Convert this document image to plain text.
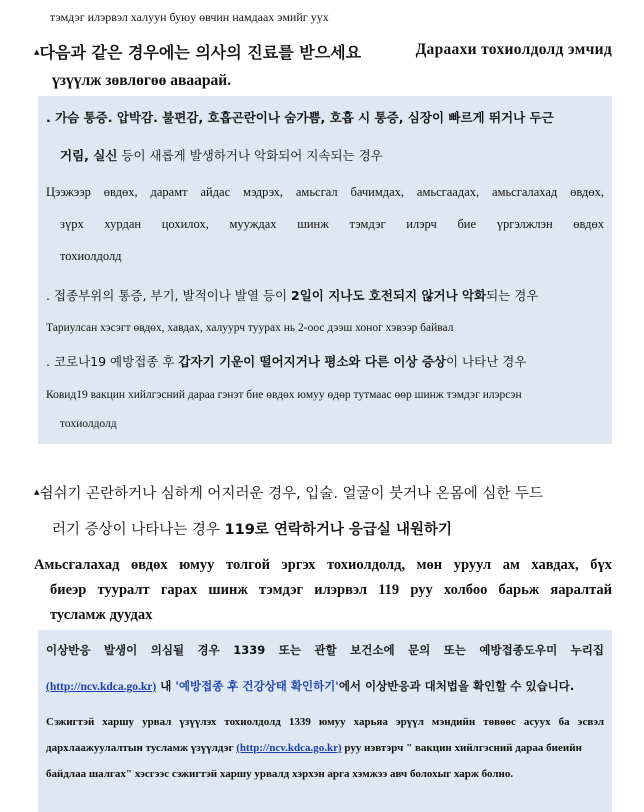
тэмдэг илэрвэл халуун буюу өвчин намдаах эмийг уух
▴다음과 같은 경우에는 의사의 진료를 받으세요	Дараахи тохиолдолд эмчид
үзүүлж зөвлөгөө аваарай.
. 가슴 통증. 압박감. 불편감, 호흡곤란이나 숨가쁨, 호흡 시 통증, 심장이 빠르게 뛰거나 두근
거림, 실신 등이 새롭게 발생하거나 악화되어 지속되는 경우
Цээжээр өвдөх, дарамт айдас мэдрэх, амьсгал бачимдах, амьсгаадах, амьсгалахад өвдөх,
зүрх хурдан цохилох, мууждах шинж тэмдэг илэрч бие үргэлжлэн өвдөх
тохиолдолд
. 접종부위의 통증, 부기, 발적이나 발열 등이 2일이 지나도 호전되지 않거나 악화되는 경우
Тариулсан хэсэгт өвдөх, хавдах, халуурч туурах нь 2-оос дээш хоног хэвээр байвал
. 코로나19 예방접종 후 갑자기 기운이 떨어지거나 평소와 다른 이상 증상이 나타난 경우
Ковид19 вакцин хийлгэсний дараа гэнэт бие өвдөх юмуу өдөр тутмаас өөр шинж тэмдэг илэрсэн
тохиолдолд
▴쉼쉬기 곤란하거나 심하게 어지러운 경우, 입술. 얼굴이 붓거나 온몸에 심한 두드
러기 증상이 나타나는 경우 119로 연락하거나 응급실 내원하기
Амьсгалахад өвдөх юмуу толгой эргэх тохиолдолд, мөн уруул ам хавдах, бүх
биеэр тууралт гарах шинж тэмдэг илэрвэл 119 руу холбоо барьж яаралтай
тусламж дуудах
이상반응 발생이 의심될 경우 1339 또는 관할 보건소에 문의 또는 예방접종도우미 누리집
(http://ncv.kdca.go.kr) 내 '예방접종 후 건강상태 확인하기'에서 이상반응과 대처법을 확인할 수 있습니다.
Сэжигтэй харшу урвал үзүүлэх тохиолдолд 1339 юмуу харьяа эрүүл мэндийн төвөөс асуух ба эсвэл
дархлаажуулалтын тусламж үзүүлдэг (http://ncv.kdca.go.kr) руу нэвтэрч " вакцин хийлгэсний дараа биеийн
байдлаа шалгах" хэсгээс сэжигтэй харшу урвалд хэрхэн арга хэмжээ авч болохыг харж болно.
